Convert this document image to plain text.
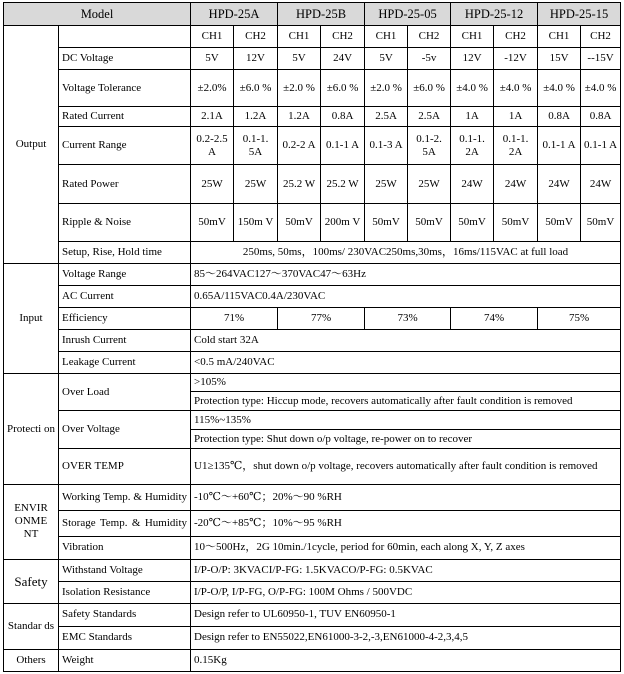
Model		HPD-25A		HPD-25B		HPD-25-05		HPD-25-12		HPD-25-15	
Output		CH1	CH2	CH1	CH2	CH1	CH2	CH1	CH2	CH1	CH2
	DC Voltage	5V	12V	5V	24V	5V	-5v	12V	-12V	15V	--15V
	Voltage Tolerance	±2.0%	±6.0 %	±2.0 %	±6.0 %	±2.0 %	±6.0 %	±4.0 %	±4.0 %	±4.0 %	±4.0 %
	Rated Current	2.1A	1.2A	1.2A	0.8A	2.5A	2.5A	1A	1A	0.8A	0.8A
	Current Range	0.2-2.5 A	0.1-1. 5A	0.2-2 A	0.1-1 A	0.1-3 A	0.1-2. 5A	0.1-1. 2A	0.1-1. 2A	0.1-1 A	0.1-1 A
	Rated Power	25W	25W	25.2 W	25.2 W	25W	25W	24W	24W	24W	24W
	Ripple & Noise	50mV	150m V	50mV	200m V	50mV	50mV	50mV	50mV	50mV	50mV
	Setup, Rise, Hold time	250ms, 50ms，100ms/ 230VAC250ms,30ms，16ms/115VAC at full load									
Input	Voltage Range	85～264VAC127～370VAC47～63Hz									
	AC Current	0.65A/115VAC0.4A/230VAC									
	Efficiency	71%		77%		73%		74%		75%	
	Inrush Current	Cold start 32A									
	Leakage Current	<0.5 mA/240VAC									
Protecti on	Over Load	>105%									
		Protection type: Hiccup mode, recovers automatically after fault condition is removed									
	Over Voltage	115%~135%									
		Protection type: Shut down o/p voltage, re-power on to recover									
	OVER TEMP	U1≥135℃，shut down o/p voltage, recovers automatically after fault condition is removed									
ENVIR ONME NT	Working Temp. & Humidity	-10℃～+60℃；20%～90 %RH									
	Storage Temp. & Humidity	-20℃～+85℃；10%～95 %RH									
	Vibration	10～500Hz，2G 10min./1cycle, period for 60min, each along X, Y, Z axes									
Safety	Withstand Voltage	I/P-O/P: 3KVACI/P-FG: 1.5KVACO/P-FG: 0.5KVAC									
	Isolation Resistance	I/P-O/P, I/P-FG, O/P-FG: 100M Ohms / 500VDC									
Standar ds	Safety Standards	Design refer to UL60950-1, TUV EN60950-1									
	EMC Standards	Design refer to EN55022,EN61000-3-2,-3,EN61000-4-2,3,4,5									
Others	Weight	0.15Kg									
